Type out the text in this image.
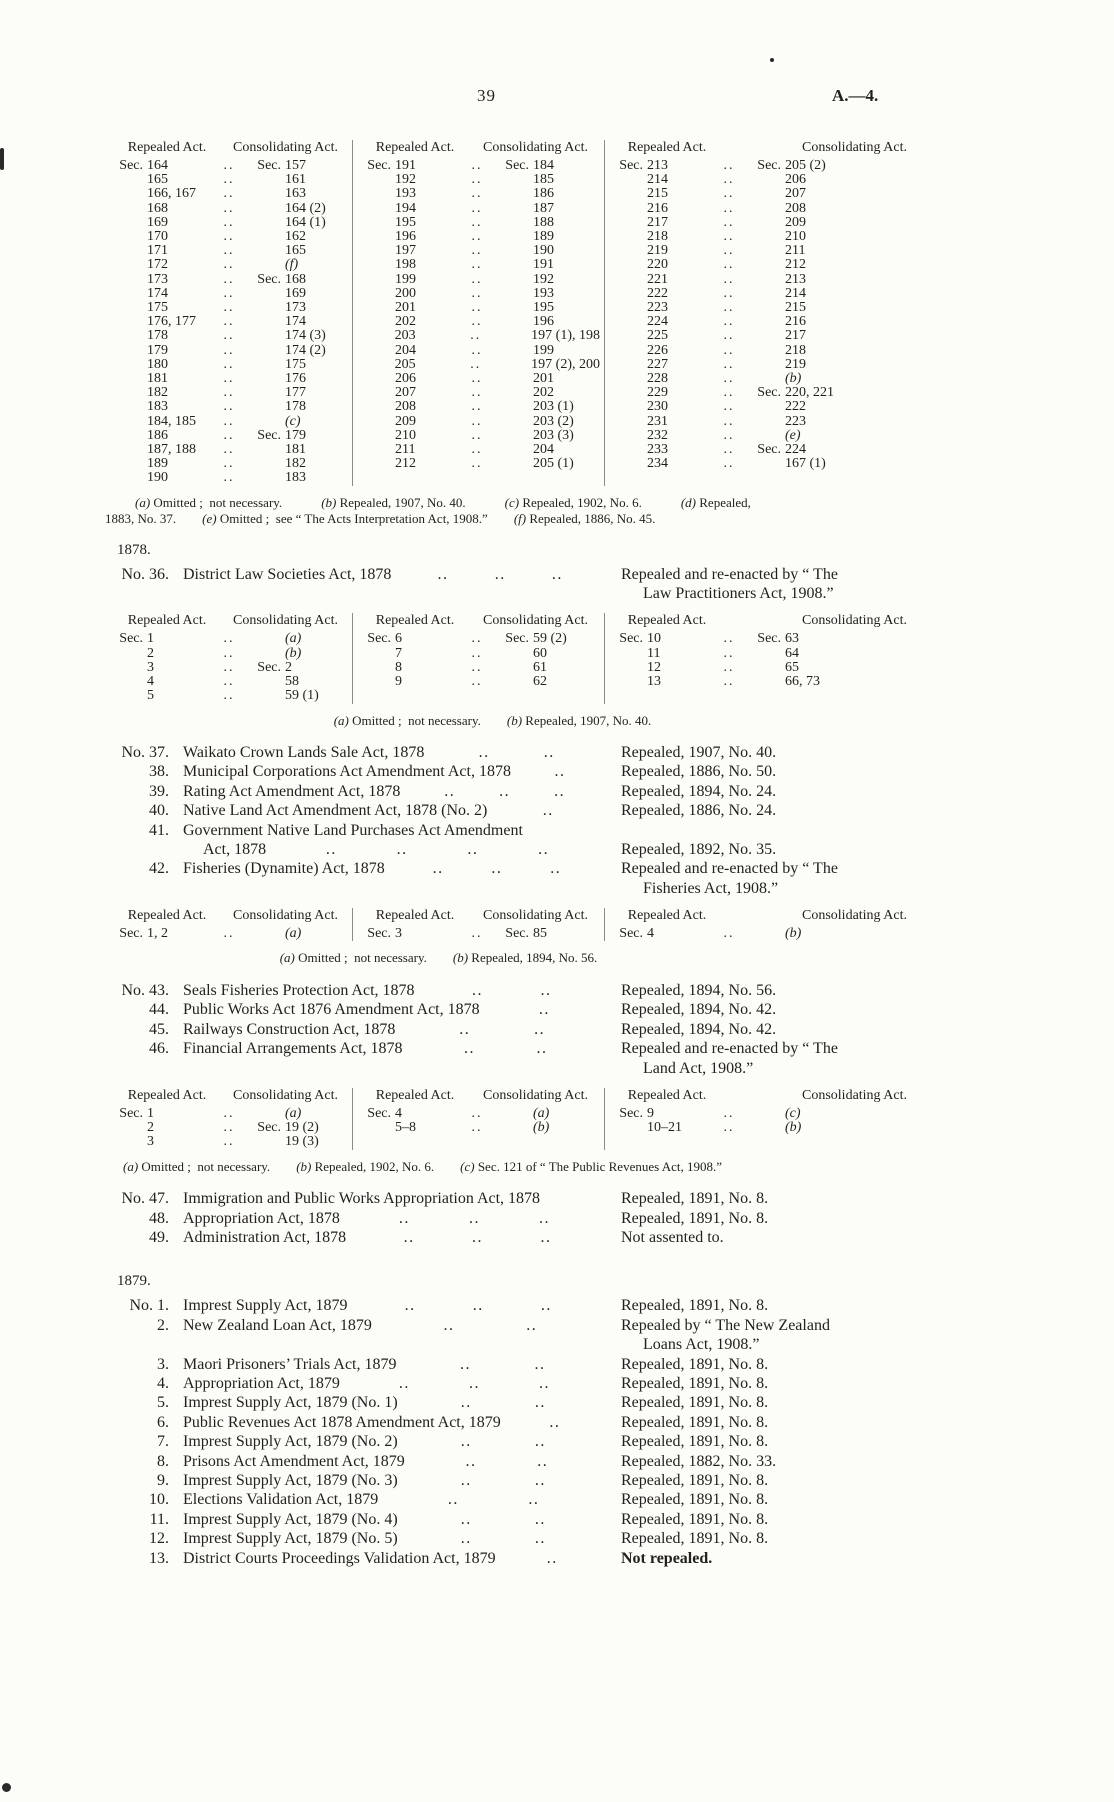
39	A.—4.
Repealed Act.	Consolidating Act.
Sec. 164	..	Sec. 157
165	..	161
166, 167	..	163
168	..	164 (2)
169	..	164 (1)
170	..	162
171	..	165
172	..	(f)
173	..	Sec. 168
174	..	169
175	..	173
176, 177	..	174
178	..	174 (3)
179	..	174 (2)
180	..	175
181	..	176
182	..	177
183	..	178
184, 185	..	(c)
186	..	Sec. 179
187, 188	..	181
189	..	182
190	..	183
Repealed Act.	Consolidating Act.
Sec. 191	..	Sec. 184
192	..	185
193	..	186
194	..	187
195	..	188
196	..	189
197	..	190
198	..	191
199	..	192
200	..	193
201	..	195
202	..	196
203	..	197 (1), 198
204	..	199
205	..	197 (2), 200
206	..	201
207	..	202
208	..	203 (1)
209	..	203 (2)
210	..	203 (3)
211	..	204
212	..	205 (1)
Repealed Act.	Consolidating Act.
Sec. 213	..	Sec. 205 (2)
214	..	206
215	..	207
216	..	208
217	..	209
218	..	210
219	..	211
220	..	212
221	..	213
222	..	214
223	..	215
224	..	216
225	..	217
226	..	218
227	..	219
228	..	(b)
229	..	Sec. 220, 221
230	..	222
231	..	223
232	..	(e)
233	..	Sec. 224
234	..	167 (1)
(a) Omitted ;  not necessary.   (b) Repealed, 1907, No. 40.   (c) Repealed, 1902, No. 6.   (d) Repealed,
1883, No. 37.  (e) Omitted ;  see “ The Acts Interpretation Act, 1908.”  (f) Repealed, 1886, No. 45.
1878.
No. 36. District Law Societies Act, 1878	..	..	..	Repealed and re-enacted by “ The
Law Practitioners Act, 1908.”
Repealed Act.	Consolidating Act.
Sec. 1	..	(a)
2	..	(b)
3	..	Sec. 2
4	..	58
5	..	59 (1)
Repealed Act.	Consolidating Act.
Sec. 6	..	Sec. 59 (2)
7	..	60
8	..	61
9	..	62
Repealed Act.	Consolidating Act.
Sec. 10	..	Sec. 63
11	..	64
12	..	65
13	..	66, 73
(a) Omitted ;  not necessary.  (b) Repealed, 1907, No. 40.
No. 37. Waikato Crown Lands Sale Act, 1878	..	..	Repealed, 1907, No. 40.
38. Municipal Corporations Act Amendment Act, 1878	..	Repealed, 1886, No. 50.
39. Rating Act Amendment Act, 1878	..	..	..	Repealed, 1894, No. 24.
40. Native Land Act Amendment Act, 1878 (No. 2)	..	Repealed, 1886, No. 24.
41. Government Native Land Purchases Act Amendment
Act, 1878	..	..	..	..	Repealed, 1892, No. 35.
42. Fisheries (Dynamite) Act, 1878	..	..	..	Repealed and re-enacted by “ The
Fisheries Act, 1908.”
Repealed Act.	Consolidating Act.
Sec. 1, 2	..	(a)
Repealed Act.	Consolidating Act.
Sec. 3	..	Sec. 85
Repealed Act.	Consolidating Act.
Sec. 4	..	(b)
(a) Omitted ;  not necessary.  (b) Repealed, 1894, No. 56.
No. 43. Seals Fisheries Protection Act, 1878	..	..	Repealed, 1894, No. 56.
44. Public Works Act 1876 Amendment Act, 1878	..	Repealed, 1894, No. 42.
45. Railways Construction Act, 1878	..	..	Repealed, 1894, No. 42.
46. Financial Arrangements Act, 1878	..	..	Repealed and re-enacted by “ The
Land Act, 1908.”
Repealed Act.	Consolidating Act.
Sec. 1	..	(a)
2	..	Sec. 19 (2)
3	..	19 (3)
Repealed Act.	Consolidating Act.
Sec. 4	..	(a)
5–8	..	(b)
Repealed Act.	Consolidating Act.
Sec. 9	..	(c)
10–21	..	(b)
(a) Omitted ;  not necessary.  (b) Repealed, 1902, No. 6.  (c) Sec. 121 of “ The Public Revenues Act, 1908.”
No. 47. Immigration and Public Works Appropriation Act, 1878	Repealed, 1891, No. 8.
48. Appropriation Act, 1878	..	..	..	Repealed, 1891, No. 8.
49. Administration Act, 1878	..	..	..	Not assented to.
1879.
No. 1. Imprest Supply Act, 1879	..	..	..	Repealed, 1891, No. 8.
2. New Zealand Loan Act, 1879	..	..	Repealed by “ The New Zealand
Loans Act, 1908.”
3. Maori Prisoners’ Trials Act, 1879	..	..	Repealed, 1891, No. 8.
4. Appropriation Act, 1879	..	..	..	Repealed, 1891, No. 8.
5. Imprest Supply Act, 1879 (No. 1)	..	..	Repealed, 1891, No. 8.
6. Public Revenues Act 1878 Amendment Act, 1879	..	Repealed, 1891, No. 8.
7. Imprest Supply Act, 1879 (No. 2)	..	..	Repealed, 1891, No. 8.
8. Prisons Act Amendment Act, 1879	..	..	Repealed, 1882, No. 33.
9. Imprest Supply Act, 1879 (No. 3)	..	..	Repealed, 1891, No. 8.
10. Elections Validation Act, 1879	..	..	Repealed, 1891, No. 8.
11. Imprest Supply Act, 1879 (No. 4)	..	..	Repealed, 1891, No. 8.
12. Imprest Supply Act, 1879 (No. 5)	..	..	Repealed, 1891, No. 8.
13. District Courts Proceedings Validation Act, 1879	..	Not repealed.
